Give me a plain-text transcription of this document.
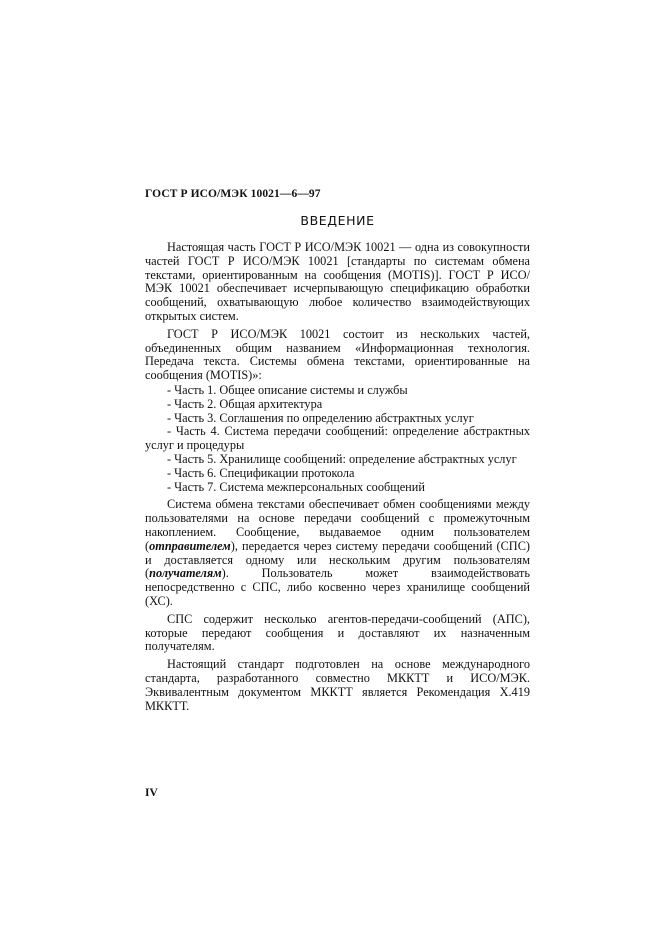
ГОСТ Р ИСО/МЭК 10021—6—97
ВВЕДЕНИЕ

Настоящая часть ГОСТ Р ИСО/МЭК 10021 — одна из совокупности частей ГОСТ Р ИСО/МЭК 10021 [стандарты по системам обмена текстами, ориентированным на сообщения (MOTIS)]. ГОСТ Р ИСО/МЭК 10021 обеспечивает исчерпывающую спецификацию обработки сообщений, охватывающую любое количество взаимодействующих открытых систем.

ГОСТ Р ИСО/МЭК 10021 состоит из нескольких частей, объединенных общим названием «Информационная технология. Передача текста. Системы обмена текстами, ориентированные на сообщения (MOTIS)»:

- Часть 1. Общее описание системы и службы
- Часть 2. Общая архитектура
- Часть 3. Соглашения по определению абстрактных услуг
- Часть 4. Система передачи сообщений: определение абстрактных услуг и процедуры
- Часть 5. Хранилище сообщений: определение абстрактных услуг
- Часть 6. Спецификации протокола
- Часть 7. Система межперсональных сообщений

Система обмена текстами обеспечивает обмен сообщениями между пользователями на основе передачи сообщений с промежуточным накоплением. Сообщение, выдаваемое одним пользователем (отправителем), передается через систему передачи сообщений (СПС) и доставляется одному или нескольким другим пользователям (получателям). Пользователь может взаимодействовать непосредственно с СПС, либо косвенно через хранилище сообщений (ХС).

СПС содержит несколько агентов-передачи-сообщений (АПС), которые передают сообщения и доставляют их назначенным получателям.

Настоящий стандарт подготовлен на основе международного стандарта, разработанного совместно МККТТ и ИСО/МЭК. Эквивалентным документом МККТТ является Рекомендация X.419 МККТТ.

IV
